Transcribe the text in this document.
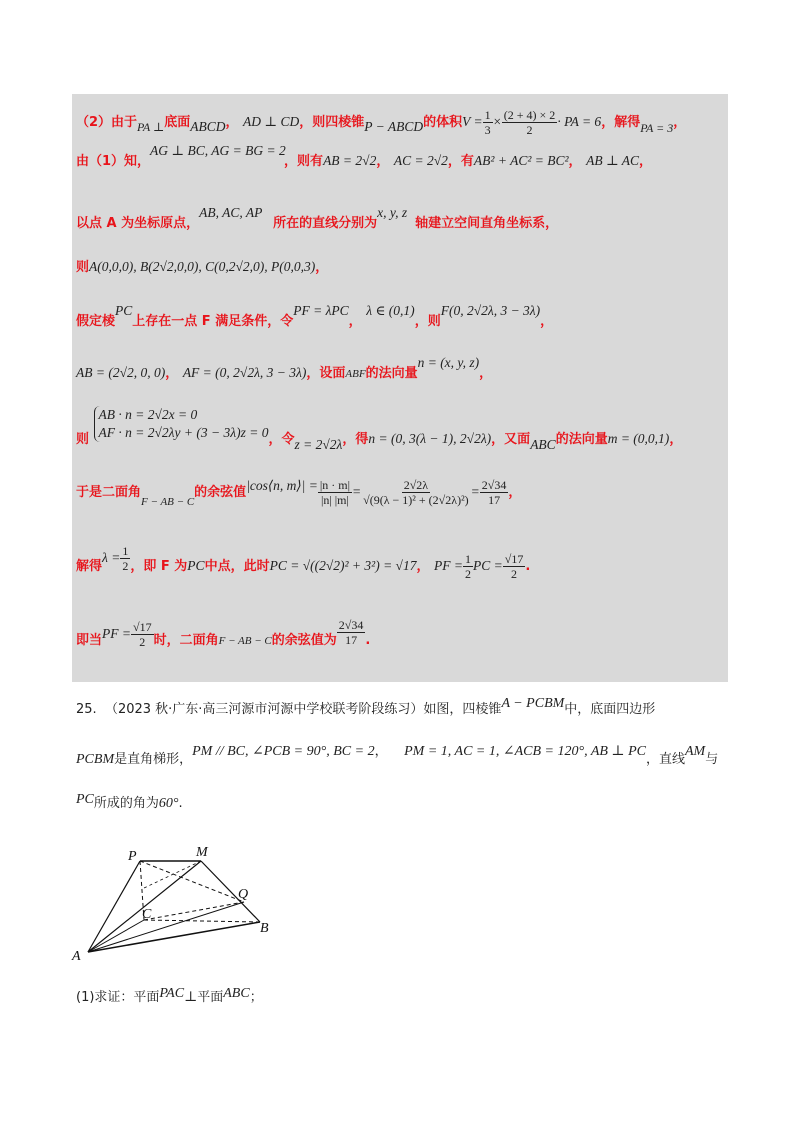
（2）由于PA ⊥底面ABCD， AD ⊥ CD，则四棱锥P − ABCD的体积$V = \frac{1}{3} \times \frac{(2 + 4) \times 2}{2}$ · PA = 6，解得PA = 3，
由（1）知，AG ⊥ BC, AG = BG = 2，则有AB = 2√2， AC = 2√2，有AB² + AC² = BC²， AB ⊥ AC，
以点 A 为坐标原点，AB, AC, AP所在的直线分别为x, y, z轴建立空间直角坐标系，
则A(0,0,0), B(2√2,0,0), C(0,2√2,0), P(0,0,3)，
假定棱PC上存在一点 F 满足条件，令PF = λPC， λ ∈ (0,1)，则F(0, 2√2λ, 3 − 3λ)，
AB = (2√2, 0, 0)， AF = (0, 2√2λ, 3 − 3λ)，设面ABF的法向量n = (x, y, z)，
则
AB · n = 2√2x = 0
AF · n = 2√2λy + (3 − 3λ)z = 0 ，令z = 2√2λ，得n = (0, 3(λ − 1), 2√2λ)，又面ABC的法向量m = (0,0,1)，
于是二面角$_{F - AB - C}$的余弦值|cos⟨n, m⟩| = $\frac{|n \cdot m|}{|n| |m|} = \frac{2√2\lambda}{\text{√(9(λ − 1)² + (2√2λ)²)}} = \frac{2√34}{17}$ ，
解得$\lambda = \frac{1}{2}$ ，即 F 为PC中点，此时PC = √((2√2)² + 3²) = √17， PF = $\frac{1}{2}$ PC = $\frac{√17}{2}$ .
即当PF = $\frac{√17}{2}$ 时，二面角F − AB − C的余弦值为 $\frac{2√34}{17}$ .
25. （2023 秋·广东·高三河源市河源中学校联考阶段练习）如图，四棱锥A − PCBM中，底面四边形
PCBM是直角梯形，PM // BC, ∠PCB = 90°, BC = 2， PM = 1, AC = 1, ∠ACB = 120°, AB ⊥ PC，直线AM与
PC所成的角为60°.
P	M
Q
C
B
A
(1)求证：平面PAC⊥平面ABC；
